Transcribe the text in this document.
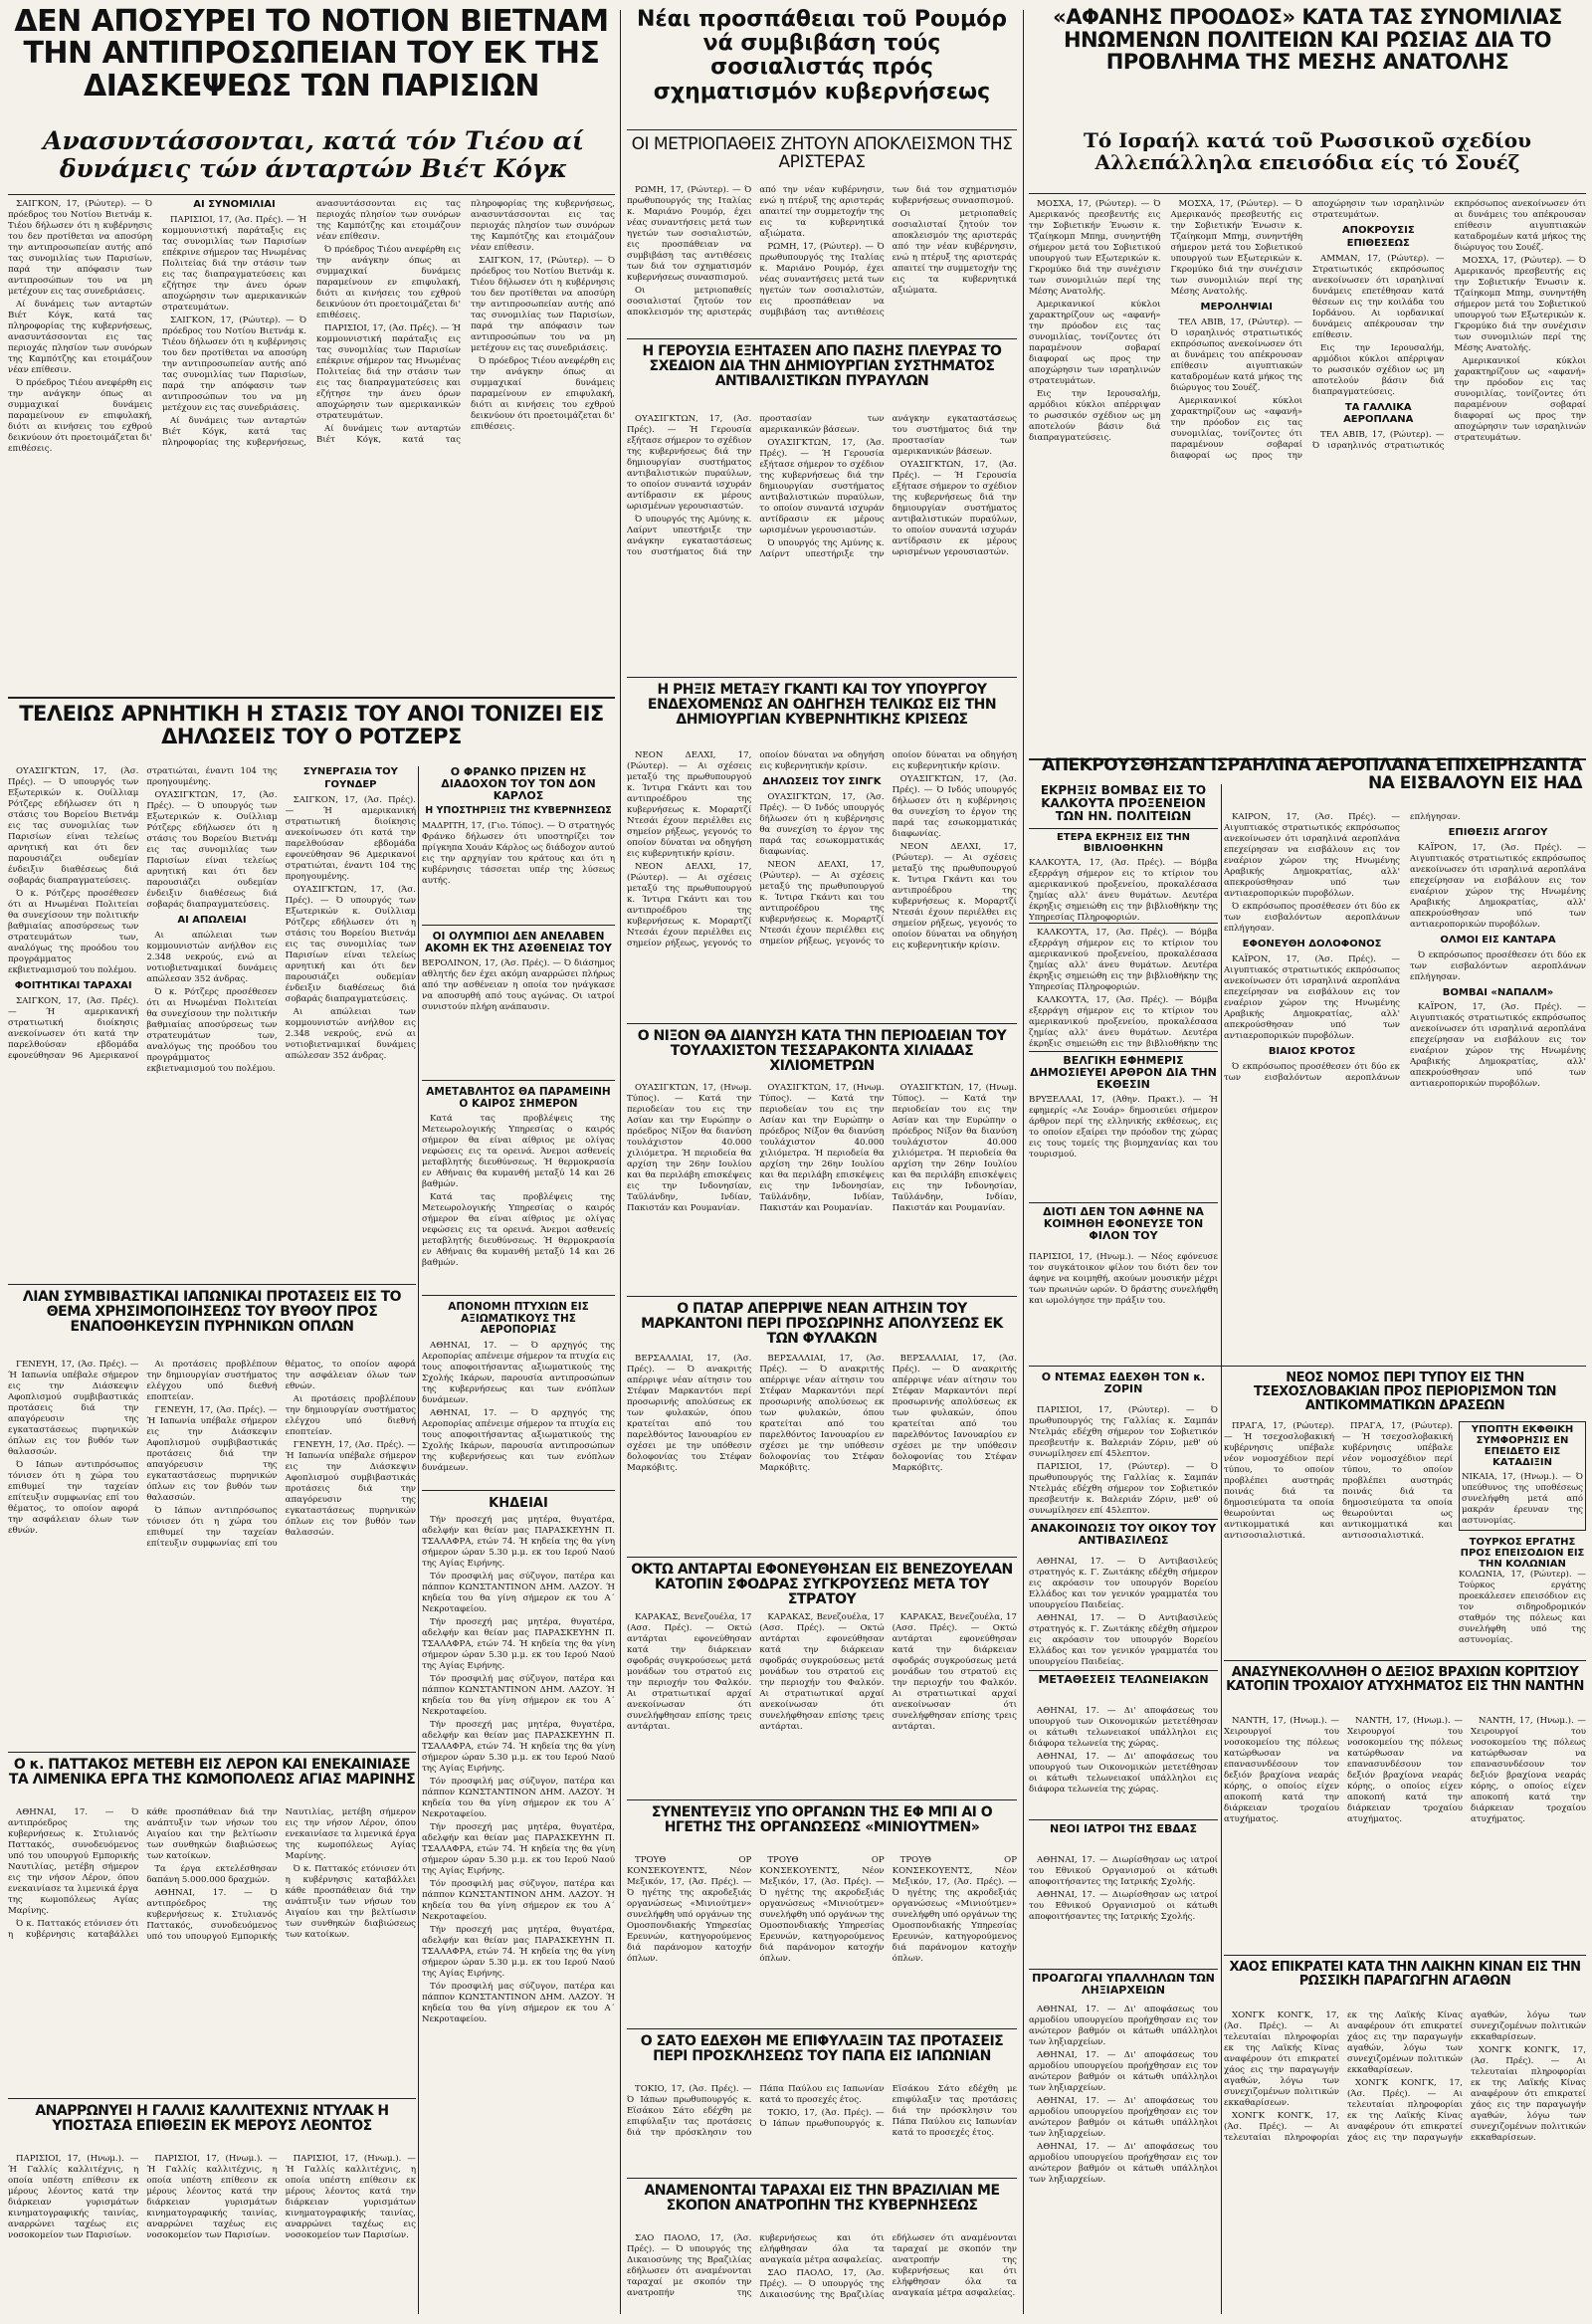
ΔΕΝ ΑΠΟΣΥΡΕΙ ΤΟ ΝΟΤΙΟΝ ΒΙΕΤΝΑΜ ΤΗΝ ΑΝΤΙΠΡΟΣΩΠΕΙΑΝ ΤΟΥ ΕΚ ΤΗΣ ΔΙΑΣΚΕΨΕΩΣ ΤΩΝ ΠΑΡΙΣΙΩΝ
Ανασυντάσσονται, κατά τόν Τιέου αί δυνάμεις τών άνταρτών Βιέτ Κόγκ

ΣΑΙΓΚΟΝ, 17, (Ρώυτερ). — Ό πρόεδρος του Νοτίου Βιετνάμ κ. Τιέου δήλωσεν ότι η κυβέρνησις του δεν προτίθεται να αποσύρη την αντιπροσωπείαν αυτής από τας συνομιλίας των Παρισίων, παρά την απόφασιν των αντιπροσώπων του να μη μετέχουν εις τας συνεδριάσεις.

Αί δυνάμεις των ανταρτών Βιέτ Κόγκ, κατά τας πληροφορίας της κυβερνήσεως, ανασυντάσσονται εις τας περιοχάς πλησίον των συνόρων της Καμπότζης και ετοιμάζουν νέαν επίθεσιν.

Ό πρόεδρος Τιέου ανεφέρθη εις την ανάγκην όπως αι συμμαχικαί δυνάμεις παραμείνουν εν επιφυλακή, διότι αι κινήσεις του εχθρού δεικνύουν ότι προετοιμάζεται δι' επιθέσεις.

ΑΙ ΣΥΝΟΜΙΛΙΑΙ

ΠΑΡΙΣΙΟΙ, 17, (Άσ. Πρές). — Ή κομμουνιστική παράταξις εις τας συνομιλίας των Παρισίων επέκρινε σήμερον τας Ηνωμένας Πολιτείας διά την στάσιν των εις τας διαπραγματεύσεις και εζήτησε την άνευ όρων αποχώρησιν των αμερικανικών στρατευμάτων.

ΣΑΙΓΚΟΝ, 17, (Ρώυτερ). — Ό πρόεδρος του Νοτίου Βιετνάμ κ. Τιέου δήλωσεν ότι η κυβέρνησις του δεν προτίθεται να αποσύρη την αντιπροσωπείαν αυτής από τας συνομιλίας των Παρισίων, παρά την απόφασιν των αντιπροσώπων του να μη μετέχουν εις τας συνεδριάσεις.

Αί δυνάμεις των ανταρτών Βιέτ Κόγκ, κατά τας πληροφορίας της κυβερνήσεως, ανασυντάσσονται εις τας περιοχάς πλησίον των συνόρων της Καμπότζης και ετοιμάζουν νέαν επίθεσιν.

Ό πρόεδρος Τιέου ανεφέρθη εις την ανάγκην όπως αι συμμαχικαί δυνάμεις παραμείνουν εν επιφυλακή, διότι αι κινήσεις του εχθρού δεικνύουν ότι προετοιμάζεται δι' επιθέσεις.

ΠΑΡΙΣΙΟΙ, 17, (Άσ. Πρές). — Ή κομμουνιστική παράταξις εις τας συνομιλίας των Παρισίων επέκρινε σήμερον τας Ηνωμένας Πολιτείας διά την στάσιν των εις τας διαπραγματεύσεις και εζήτησε την άνευ όρων αποχώρησιν των αμερικανικών στρατευμάτων.

Αί δυνάμεις των ανταρτών Βιέτ Κόγκ, κατά τας πληροφορίας της κυβερνήσεως, ανασυντάσσονται εις τας περιοχάς πλησίον των συνόρων της Καμπότζης και ετοιμάζουν νέαν επίθεσιν.

ΣΑΙΓΚΟΝ, 17, (Ρώυτερ). — Ό πρόεδρος του Νοτίου Βιετνάμ κ. Τιέου δήλωσεν ότι η κυβέρνησις του δεν προτίθεται να αποσύρη την αντιπροσωπείαν αυτής από τας συνομιλίας των Παρισίων, παρά την απόφασιν των αντιπροσώπων του να μη μετέχουν εις τας συνεδριάσεις.

Ό πρόεδρος Τιέου ανεφέρθη εις την ανάγκην όπως αι συμμαχικαί δυνάμεις παραμείνουν εν επιφυλακή, διότι αι κινήσεις του εχθρού δεικνύουν ότι προετοιμάζεται δι' επιθέσεις.

Νέαι προσπάθειαι τοῦ Ρουμόρ νά συμβιβάση τούς σοσιαλιστάς πρός σχηματισμόν κυβερνήσεως
ΟΙ ΜΕΤΡΙΟΠΑΘΕΙΣ ΖΗΤΟΥΝ ΑΠΟΚΛΕΙΣΜΟΝ ΤΗΣ ΑΡΙΣΤΕΡΑΣ

ΡΩΜΗ, 17, (Ρώυτερ). — Ό πρωθυπουργός της Ιταλίας κ. Μαριάνο Ρουμόρ, έχει νέας συναντήσεις μετά των ηγετών των σοσιαλιστών, εις προσπάθειαν να συμβιβάση τας αντιθέσεις των διά τον σχηματισμόν κυβερνήσεως συνασπισμού.

Οι μετριοπαθείς σοσιαλισταί ζητούν τον αποκλεισμόν της αριστεράς από την νέαν κυβέρνησιν, ενώ η πτέρυξ της αριστεράς απαιτεί την συμμετοχήν της εις τα κυβερνητικά αξιώματα.

ΡΩΜΗ, 17, (Ρώυτερ). — Ό πρωθυπουργός της Ιταλίας κ. Μαριάνο Ρουμόρ, έχει νέας συναντήσεις μετά των ηγετών των σοσιαλιστών, εις προσπάθειαν να συμβιβάση τας αντιθέσεις των διά τον σχηματισμόν κυβερνήσεως συνασπισμού.

Οι μετριοπαθείς σοσιαλισταί ζητούν τον αποκλεισμόν της αριστεράς από την νέαν κυβέρνησιν, ενώ η πτέρυξ της αριστεράς απαιτεί την συμμετοχήν της εις τα κυβερνητικά αξιώματα.

Η ΓΕΡΟΥΣΙΑ ΕΞΗΤΑΣΕΝ ΑΠΟ ΠΑΣΗΣ ΠΛΕΥΡΑΣ ΤΟ ΣΧΕΔΙΟΝ ΔΙΑ ΤΗΝ ΔΗΜΙΟΥΡΓΙΑΝ ΣΥΣΤΗΜΑΤΟΣ ΑΝΤΙΒΑΛΙΣΤΙΚΩΝ ΠΥΡΑΥΛΩΝ

ΟΥΑΣΙΓΚΤΩΝ, 17, (Άσ. Πρές). — Ή Γερουσία εξήτασε σήμερον το σχέδιον της κυβερνήσεως διά την δημιουργίαν συστήματος αντιβαλιστικών πυραύλων, το οποίον συναντά ισχυράν αντίδρασιν εκ μέρους ωρισμένων γερουσιαστών.

Ό υπουργός της Αμύνης κ. Λαίρντ υπεστήριξε την ανάγκην εγκαταστάσεως του συστήματος διά την προστασίαν των αμερικανικών βάσεων.

ΟΥΑΣΙΓΚΤΩΝ, 17, (Άσ. Πρές). — Ή Γερουσία εξήτασε σήμερον το σχέδιον της κυβερνήσεως διά την δημιουργίαν συστήματος αντιβαλιστικών πυραύλων, το οποίον συναντά ισχυράν αντίδρασιν εκ μέρους ωρισμένων γερουσιαστών.

Ό υπουργός της Αμύνης κ. Λαίρντ υπεστήριξε την ανάγκην εγκαταστάσεως του συστήματος διά την προστασίαν των αμερικανικών βάσεων.

ΟΥΑΣΙΓΚΤΩΝ, 17, (Άσ. Πρές). — Ή Γερουσία εξήτασε σήμερον το σχέδιον της κυβερνήσεως διά την δημιουργίαν συστήματος αντιβαλιστικών πυραύλων, το οποίον συναντά ισχυράν αντίδρασιν εκ μέρους ωρισμένων γερουσιαστών.

Η ΡΗΞΙΣ ΜΕΤΑΞΥ ΓΚΑΝΤΙ ΚΑΙ ΤΟΥ ΥΠΟΥΡΓΟΥ ΕΝΔΕΧΟΜΕΝΩΣ ΑΝ ΟΔΗΓΗΣΗ ΤΕΛΙΚΩΣ ΕΙΣ ΤΗΝ ΔΗΜΙΟΥΡΓΙΑΝ ΚΥΒΕΡΝΗΤΙΚΗΣ ΚΡΙΣΕΩΣ

ΝΕΟΝ ΔΕΛΧΙ, 17, (Ρώυτερ). — Αι σχέσεις μεταξύ της πρωθυπουργού κ. Ίντιρα Γκάντι και του αντιπροέδρου της κυβερνήσεως κ. Μοραρτζί Ντεσάι έχουν περιέλθει εις σημείον ρήξεως, γεγονός το οποίον δύναται να οδηγήση εις κυβερνητικήν κρίσιν.

ΝΕΟΝ ΔΕΛΧΙ, 17, (Ρώυτερ). — Αι σχέσεις μεταξύ της πρωθυπουργού κ. Ίντιρα Γκάντι και του αντιπροέδρου της κυβερνήσεως κ. Μοραρτζί Ντεσάι έχουν περιέλθει εις σημείον ρήξεως, γεγονός το οποίον δύναται να οδηγήση εις κυβερνητικήν κρίσιν.

ΔΗΛΩΣΕΙΣ ΤΟΥ ΣΙΝΓΚ

ΟΥΑΣΙΓΚΤΩΝ, 17, (Άσ. Πρές). — Ό Ινδός υπουργός δήλωσεν ότι η κυβέρνησις θα συνεχίση το έργον της παρά τας εσωκομματικάς διαφωνίας.

ΝΕΟΝ ΔΕΛΧΙ, 17, (Ρώυτερ). — Αι σχέσεις μεταξύ της πρωθυπουργού κ. Ίντιρα Γκάντι και του αντιπροέδρου της κυβερνήσεως κ. Μοραρτζί Ντεσάι έχουν περιέλθει εις σημείον ρήξεως, γεγονός το οποίον δύναται να οδηγήση εις κυβερνητικήν κρίσιν.

ΟΥΑΣΙΓΚΤΩΝ, 17, (Άσ. Πρές). — Ό Ινδός υπουργός δήλωσεν ότι η κυβέρνησις θα συνεχίση το έργον της παρά τας εσωκομματικάς διαφωνίας.

ΝΕΟΝ ΔΕΛΧΙ, 17, (Ρώυτερ). — Αι σχέσεις μεταξύ της πρωθυπουργού κ. Ίντιρα Γκάντι και του αντιπροέδρου της κυβερνήσεως κ. Μοραρτζί Ντεσάι έχουν περιέλθει εις σημείον ρήξεως, γεγονός το οποίον δύναται να οδηγήση εις κυβερνητικήν κρίσιν.

ΕΚΡΗΞΙΣ ΒΟΜΒΑΣ ΕΙΣ ΤΟ ΚΑΛΚΟΥΤΑ ΠΡΟΞΕΝΕΙΟΝ ΤΩΝ ΗΝ. ΠΟΛΙΤΕΙΩΝ
ΕΤΕΡΑ ΕΚΡΗΞΙΣ ΕΙΣ ΤΗΝ ΒΙΒΛΙΟΘΗΚΗΝ
ΚΑΛΚΟΥΤΑ, 17, (Άσ. Πρές). — Βόμβα εξερράγη σήμερον εις το κτίριον του αμερικανικού προξενείου, προκαλέσασα ζημίας αλλ' άνευ θυμάτων. Δευτέρα έκρηξις σημειώθη εις την βιβλιοθήκην της Υπηρεσίας Πληροφοριών.
Ο ΝΙΞΟΝ ΘΑ ΔΙΑΝΥΣΗ ΚΑΤΑ ΤΗΝ ΠΕΡΙΟΔΕΙΑΝ ΤΟΥ ΤΟΥΛΑΧΙΣΤΟΝ ΤΕΣΣΑΡΑΚΟΝΤΑ ΧΙΛΙΑΔΑΣ ΧΙΛΙΟΜΕΤΡΩΝ

ΟΥΑΣΙΓΚΤΩΝ, 17, (Ηνωμ. Τύπος). — Κατά την περιοδείαν του εις την Ασίαν και την Ευρώπην ο πρόεδρος Νίξον θα διανύση τουλάχιστον 40.000 χιλιόμετρα. Ή περιοδεία θα αρχίση την 26ην Ιουλίου και θα περιλάβη επισκέψεις εις την Ινδονησίαν, Ταϋλάνδην, Ινδίαν, Πακιστάν και Ρουμανίαν.

ΟΥΑΣΙΓΚΤΩΝ, 17, (Ηνωμ. Τύπος). — Κατά την περιοδείαν του εις την Ασίαν και την Ευρώπην ο πρόεδρος Νίξον θα διανύση τουλάχιστον 40.000 χιλιόμετρα. Ή περιοδεία θα αρχίση την 26ην Ιουλίου και θα περιλάβη επισκέψεις εις την Ινδονησίαν, Ταϋλάνδην, Ινδίαν, Πακιστάν και Ρουμανίαν.

ΟΥΑΣΙΓΚΤΩΝ, 17, (Ηνωμ. Τύπος). — Κατά την περιοδείαν του εις την Ασίαν και την Ευρώπην ο πρόεδρος Νίξον θα διανύση τουλάχιστον 40.000 χιλιόμετρα. Ή περιοδεία θα αρχίση την 26ην Ιουλίου και θα περιλάβη επισκέψεις εις την Ινδονησίαν, Ταϋλάνδην, Ινδίαν, Πακιστάν και Ρουμανίαν.

Ο ΠΑΤΑΡ ΑΠΕΡΡΙΨΕ ΝΕΑΝ ΑΙΤΗΣΙΝ ΤΟΥ ΜΑΡΚΑΝΤΟΝΙ ΠΕΡΙ ΠΡΟΣΩΡΙΝΗΣ ΑΠΟΛΥΣΕΩΣ ΕΚ ΤΩΝ ΦΥΛΑΚΩΝ

ΒΕΡΣΑΛΛΙΑΙ, 17, (Άσ. Πρές). — Ό ανακριτής απέρριψε νέαν αίτησιν του Στέφαν Μαρκαντόνι περί προσωρινής απολύσεως εκ των φυλακών, όπου κρατείται από του παρελθόντος Ιανουαρίου εν σχέσει με την υπόθεσιν δολοφονίας του Στέφαν Μαρκόβιτς.

ΒΕΡΣΑΛΛΙΑΙ, 17, (Άσ. Πρές). — Ό ανακριτής απέρριψε νέαν αίτησιν του Στέφαν Μαρκαντόνι περί προσωρινής απολύσεως εκ των φυλακών, όπου κρατείται από του παρελθόντος Ιανουαρίου εν σχέσει με την υπόθεσιν δολοφονίας του Στέφαν Μαρκόβιτς.

ΒΕΡΣΑΛΛΙΑΙ, 17, (Άσ. Πρές). — Ό ανακριτής απέρριψε νέαν αίτησιν του Στέφαν Μαρκαντόνι περί προσωρινής απολύσεως εκ των φυλακών, όπου κρατείται από του παρελθόντος Ιανουαρίου εν σχέσει με την υπόθεσιν δολοφονίας του Στέφαν Μαρκόβιτς.

ΟΚΤΩ ΑΝΤΑΡΤΑΙ ΕΦΟΝΕΥΘΗΣΑΝ ΕΙΣ ΒΕΝΕΖΟΥΕΛΑΝ ΚΑΤΟΠΙΝ ΣΦΟΔΡΑΣ ΣΥΓΚΡΟΥΣΕΩΣ ΜΕΤΑ ΤΟΥ ΣΤΡΑΤΟΥ

ΚΑΡΑΚΑΣ, Βενεζουέλα, 17 (Ασσ. Πρές). — Οκτώ αντάρται εφονεύθησαν κατά την διάρκειαν σφοδράς συγκρούσεως μετά μονάδων του στρατού εις την περιοχήν του Φαλκόν. Αι στρατιωτικαί αρχαί ανεκοίνωσαν ότι συνελήφθησαν επίσης τρεις αντάρται.

ΚΑΡΑΚΑΣ, Βενεζουέλα, 17 (Ασσ. Πρές). — Οκτώ αντάρται εφονεύθησαν κατά την διάρκειαν σφοδράς συγκρούσεως μετά μονάδων του στρατού εις την περιοχήν του Φαλκόν. Αι στρατιωτικαί αρχαί ανεκοίνωσαν ότι συνελήφθησαν επίσης τρεις αντάρται.

ΚΑΡΑΚΑΣ, Βενεζουέλα, 17 (Ασσ. Πρές). — Οκτώ αντάρται εφονεύθησαν κατά την διάρκειαν σφοδράς συγκρούσεως μετά μονάδων του στρατού εις την περιοχήν του Φαλκόν. Αι στρατιωτικαί αρχαί ανεκοίνωσαν ότι συνελήφθησαν επίσης τρεις αντάρται.

ΣΥΝΕΝΤΕΥΞΙΣ ΥΠΟ ΟΡΓΑΝΩΝ ΤΗΣ ΕΦ ΜΠΙ ΑΙ Ο ΗΓΕΤΗΣ ΤΗΣ ΟΡΓΑΝΩΣΕΩΣ «ΜΙΝΙΟΥΤΜΕΝ»

ΤΡΟΥΘ ΟΡ ΚΟΝΣΕΚΟΥΕΝΤΣ, Νέον Μεξικόν, 17, (Άσ. Πρές). — Ό ηγέτης της ακροδεξιάς οργανώσεως «Μινιούτμεν» συνελήφθη υπό οργάνων της Ομοσπονδιακής Υπηρεσίας Ερευνών, κατηγορούμενος διά παράνομον κατοχήν όπλων.

ΤΡΟΥΘ ΟΡ ΚΟΝΣΕΚΟΥΕΝΤΣ, Νέον Μεξικόν, 17, (Άσ. Πρές). — Ό ηγέτης της ακροδεξιάς οργανώσεως «Μινιούτμεν» συνελήφθη υπό οργάνων της Ομοσπονδιακής Υπηρεσίας Ερευνών, κατηγορούμενος διά παράνομον κατοχήν όπλων.

ΤΡΟΥΘ ΟΡ ΚΟΝΣΕΚΟΥΕΝΤΣ, Νέον Μεξικόν, 17, (Άσ. Πρές). — Ό ηγέτης της ακροδεξιάς οργανώσεως «Μινιούτμεν» συνελήφθη υπό οργάνων της Ομοσπονδιακής Υπηρεσίας Ερευνών, κατηγορούμενος διά παράνομον κατοχήν όπλων.

Ο ΣΑΤΟ ΕΔΕΧΘΗ ΜΕ ΕΠΙΦΥΛΑΞΙΝ ΤΑΣ ΠΡΟΤΑΣΕΙΣ ΠΕΡΙ ΠΡΟΣΚΛΗΣΕΩΣ ΤΟΥ ΠΑΠΑ ΕΙΣ ΙΑΠΩΝΙΑΝ

ΤΟΚΙΟ, 17, (Άσ. Πρές). — Ό Ιάπων πρωθυπουργός κ. Εϊσάκου Σάτο εδέχθη με επιφύλαξιν τας προτάσεις διά την πρόσκλησιν του Πάπα Παύλου εις Ιαπωνίαν κατά το προσεχές έτος.

ΤΟΚΙΟ, 17, (Άσ. Πρές). — Ό Ιάπων πρωθυπουργός κ. Εϊσάκου Σάτο εδέχθη με επιφύλαξιν τας προτάσεις διά την πρόσκλησιν του Πάπα Παύλου εις Ιαπωνίαν κατά το προσεχές έτος.

ΑΝΑΜΕΝΟΝΤΑΙ ΤΑΡΑΧΑΙ ΕΙΣ ΤΗΝ ΒΡΑΖΙΛΙΑΝ ΜΕ ΣΚΟΠΟΝ ΑΝΑΤΡΟΠΗΝ ΤΗΣ ΚΥΒΕΡΝΗΣΕΩΣ

ΣΑΟ ΠΑΟΛΟ, 17, (Άσ. Πρές). — Ό υπουργός της Δικαιοσύνης της Βραζιλίας εδήλωσεν ότι αναμένονται ταραχαί με σκοπόν την ανατροπήν της κυβερνήσεως και ότι ελήφθησαν όλα τα αναγκαία μέτρα ασφαλείας.

ΣΑΟ ΠΑΟΛΟ, 17, (Άσ. Πρές). — Ό υπουργός της Δικαιοσύνης της Βραζιλίας εδήλωσεν ότι αναμένονται ταραχαί με σκοπόν την ανατροπήν της κυβερνήσεως και ότι ελήφθησαν όλα τα αναγκαία μέτρα ασφαλείας.

«ΑΦΑΝΗΣ ΠΡΟΟΔΟΣ» ΚΑΤΑ ΤΑΣ ΣΥΝΟΜΙΛΙΑΣ ΗΝΩΜΕΝΩΝ ΠΟΛΙΤΕΙΩΝ ΚΑΙ ΡΩΣΙΑΣ ΔΙΑ ΤΟ ΠΡΟΒΛΗΜΑ ΤΗΣ ΜΕΣΗΣ ΑΝΑΤΟΛΗΣ
Τό Ισραήλ κατά τοῦ Ρωσσικοῦ σχεδίου Αλλεπάλληλα επεισόδια είς τό Σουέζ

ΜΟΣΧΑ, 17, (Ρώυτερ). — Ό Αμερικανός πρεσβευτής εις την Σοβιετικήν Ένωσιν κ. Τζαίηκομπ Μπημ, συνηντήθη σήμερον μετά του Σοβιετικού υπουργού των Εξωτερικών κ. Γκρομύκο διά την συνέχισιν των συνομιλιών περί της Μέσης Ανατολής.

Αμερικανικοί κύκλοι χαρακτηρίζουν ως «αφανή» την πρόοδον εις τας συνομιλίας, τονίζοντες ότι παραμένουν σοβαραί διαφοραί ως προς την αποχώρησιν των ισραηλινών στρατευμάτων.

Εις την Ιερουσαλήμ, αρμόδιοι κύκλοι απέρριψαν το ρωσσικόν σχέδιον ως μη αποτελούν βάσιν διά διαπραγματεύσεις.

ΜΟΣΧΑ, 17, (Ρώυτερ). — Ό Αμερικανός πρεσβευτής εις την Σοβιετικήν Ένωσιν κ. Τζαίηκομπ Μπημ, συνηντήθη σήμερον μετά του Σοβιετικού υπουργού των Εξωτερικών κ. Γκρομύκο διά την συνέχισιν των συνομιλιών περί της Μέσης Ανατολής.

ΜΕΡΟΛΗΨΙΑΙ

ΤΕΛ ΑΒΙΒ, 17, (Ρώυτερ). — Ό ισραηλινός στρατιωτικός εκπρόσωπος ανεκοίνωσεν ότι αι δυνάμεις του απέκρουσαν επίθεσιν αιγυπτιακών καταδρομέων κατά μήκος της διώρυγος του Σουέζ.

Αμερικανικοί κύκλοι χαρακτηρίζουν ως «αφανή» την πρόοδον εις τας συνομιλίας, τονίζοντες ότι παραμένουν σοβαραί διαφοραί ως προς την αποχώρησιν των ισραηλινών στρατευμάτων.

ΑΠΟΚΡΟΥΣΙΣ ΕΠΙΘΕΣΕΩΣ

ΑΜΜΑΝ, 17, (Ρώυτερ). — Στρατιωτικός εκπρόσωπος ανεκοίνωσεν ότι ισραηλιναί δυνάμεις επετέθησαν κατά θέσεων εις την κοιλάδα του Ιορδάνου. Αι ιορδανικαί δυνάμεις απέκρουσαν την επίθεσιν.

Εις την Ιερουσαλήμ, αρμόδιοι κύκλοι απέρριψαν το ρωσσικόν σχέδιον ως μη αποτελούν βάσιν διά διαπραγματεύσεις.

ΤΑ ΓΑΛΛΙΚΑ ΑΕΡΟΠΛΑΝΑ

ΤΕΛ ΑΒΙΒ, 17, (Ρώυτερ). — Ό ισραηλινός στρατιωτικός εκπρόσωπος ανεκοίνωσεν ότι αι δυνάμεις του απέκρουσαν επίθεσιν αιγυπτιακών καταδρομέων κατά μήκος της διώρυγος του Σουέζ.

ΜΟΣΧΑ, 17, (Ρώυτερ). — Ό Αμερικανός πρεσβευτής εις την Σοβιετικήν Ένωσιν κ. Τζαίηκομπ Μπημ, συνηντήθη σήμερον μετά του Σοβιετικού υπουργού των Εξωτερικών κ. Γκρομύκο διά την συνέχισιν των συνομιλιών περί της Μέσης Ανατολής.

Αμερικανικοί κύκλοι χαρακτηρίζουν ως «αφανή» την πρόοδον εις τας συνομιλίας, τονίζοντες ότι παραμένουν σοβαραί διαφοραί ως προς την αποχώρησιν των ισραηλινών στρατευμάτων.

ΑΠΕΚΡΟΥΣΘΗΣΑΝ ΙΣΡΑΗΛΙΝΑ ΑΕΡΟΠΛΑΝΑ ΕΠΙΧΕΙΡΗΣΑΝΤΑ ΝΑ ΕΙΣΒΑΛΟΥΝ ΕΙΣ ΗΑΔ

ΚΑΪΡΟΝ, 17, (Άσ. Πρές). — Αιγυπτιακός στρατιωτικός εκπρόσωπος ανεκοίνωσεν ότι ισραηλινά αεροπλάνα επεχείρησαν να εισβάλουν εις τον εναέριον χώρον της Ηνωμένης Αραβικής Δημοκρατίας, αλλ' απεκρούσθησαν υπό των αντιαεροπορικών πυροβόλων.

Ό εκπρόσωπος προσέθεσεν ότι δύο εκ των εισβαλόντων αεροπλάνων επλήγησαν.

ΕΦΟΝΕΥΘΗ ΔΟΛΟΦΟΝΟΣ

ΚΑΪΡΟΝ, 17, (Άσ. Πρές). — Αιγυπτιακός στρατιωτικός εκπρόσωπος ανεκοίνωσεν ότι ισραηλινά αεροπλάνα επεχείρησαν να εισβάλουν εις τον εναέριον χώρον της Ηνωμένης Αραβικής Δημοκρατίας, αλλ' απεκρούσθησαν υπό των αντιαεροπορικών πυροβόλων.

ΒΙΑΙΟΣ ΚΡΟΤΟΣ

Ό εκπρόσωπος προσέθεσεν ότι δύο εκ των εισβαλόντων αεροπλάνων επλήγησαν.

ΕΠΙΘΕΣΙΣ ΑΓΩΓΟΥ

ΚΑΪΡΟΝ, 17, (Άσ. Πρές). — Αιγυπτιακός στρατιωτικός εκπρόσωπος ανεκοίνωσεν ότι ισραηλινά αεροπλάνα επεχείρησαν να εισβάλουν εις τον εναέριον χώρον της Ηνωμένης Αραβικής Δημοκρατίας, αλλ' απεκρούσθησαν υπό των αντιαεροπορικών πυροβόλων.

ΟΛΜΟΙ ΕΙΣ ΚΑΝΤΑΡΑ

Ό εκπρόσωπος προσέθεσεν ότι δύο εκ των εισβαλόντων αεροπλάνων επλήγησαν.

ΒΟΜΒΑΙ «ΝΑΠΑΛΜ»

ΚΑΪΡΟΝ, 17, (Άσ. Πρές). — Αιγυπτιακός στρατιωτικός εκπρόσωπος ανεκοίνωσεν ότι ισραηλινά αεροπλάνα επεχείρησαν να εισβάλουν εις τον εναέριον χώρον της Ηνωμένης Αραβικής Δημοκρατίας, αλλ' απεκρούσθησαν υπό των αντιαεροπορικών πυροβόλων.

ΚΑΛΚΟΥΤΑ, 17, (Άσ. Πρές). — Βόμβα εξερράγη σήμερον εις το κτίριον του αμερικανικού προξενείου, προκαλέσασα ζημίας αλλ' άνευ θυμάτων. Δευτέρα έκρηξις σημειώθη εις την βιβλιοθήκην της Υπηρεσίας Πληροφοριών.

ΚΑΛΚΟΥΤΑ, 17, (Άσ. Πρές). — Βόμβα εξερράγη σήμερον εις το κτίριον του αμερικανικού προξενείου, προκαλέσασα ζημίας αλλ' άνευ θυμάτων. Δευτέρα έκρηξις σημειώθη εις την βιβλιοθήκην της

ΒΕΛΓΙΚΗ ΕΦΗΜΕΡΙΣ ΔΗΜΟΣΙΕΥΕΙ ΑΡΘΡΟΝ ΔΙΑ ΤΗΝ ΕΚΘΕΣΙΝ
ΒΡΥΞΕΛΛΑΙ, 17, (Άθην. Πρακτ.). — Ή εφημερίς «Λε Σουάρ» δημοσιεύει σήμερον άρθρον περί της ελληνικής εκθέσεως, εις το οποίον εξαίρει την πρόοδον της χώρας εις τους τομείς της βιομηχανίας και του τουρισμού.
ΔΙΟΤΙ ΔΕΝ ΤΟΝ ΑΦΗΝΕ ΝΑ ΚΟΙΜΗΘΗ ΕΦΟΝΕΥΣΕ ΤΟΝ ΦΙΛΟΝ ΤΟΥ
ΠΑΡΙΣΙΟΙ, 17, (Ηνωμ.). — Νέος εφόνευσε τον συγκάτοικον φίλον του διότι δεν τον άφηνε να κοιμηθή, ακούων μουσικήν μέχρι των πρωινών ωρών. Ό δράστης συνελήφθη και ωμολόγησε την πράξιν του.
Ο ΝΤΕΜΑΣ ΕΔΕΧΘΗ ΤΟΝ κ. ΖΟΡΙΝ

ΠΑΡΙΣΙΟΙ, 17, (Ρώυτερ). — Ό πρωθυπουργός της Γαλλίας κ. Σαμπάν Ντελμάς εδέχθη σήμερον τον Σοβιετικόν πρεσβευτήν κ. Βαλεριάν Ζόριν, μεθ' ού συνωμίλησεν επί 45λεπτον.

ΠΑΡΙΣΙΟΙ, 17, (Ρώυτερ). — Ό πρωθυπουργός της Γαλλίας κ. Σαμπάν Ντελμάς εδέχθη σήμερον τον Σοβιετικόν πρεσβευτήν κ. Βαλεριάν Ζόριν, μεθ' ού συνωμίλησεν επί 45λεπτον.

ΑΝΑΚΟΙΝΩΣΙΣ ΤΟΥ ΟΙΚΟΥ ΤΟΥ ΑΝΤΙΒΑΣΙΛΕΩΣ

ΑΘΗΝΑΙ, 17. — Ό Αντιβασιλεύς στρατηγός κ. Γ. Ζωιτάκης εδέχθη σήμερον εις ακρόασιν τον υπουργόν Βορείου Ελλάδος και τον γενικόν γραμματέα του υπουργείου Παιδείας.

ΑΘΗΝΑΙ, 17. — Ό Αντιβασιλεύς στρατηγός κ. Γ. Ζωιτάκης εδέχθη σήμερον εις ακρόασιν τον υπουργόν Βορείου Ελλάδος και τον γενικόν γραμματέα του υπουργείου Παιδείας.

ΜΕΤΑΘΕΣΕΙΣ ΤΕΛΩΝΕΙΑΚΩΝ

ΑΘΗΝΑΙ, 17. — Δι' αποφάσεως του υπουργού των Οικονομικών μετετέθησαν οι κάτωθι τελωνειακοί υπάλληλοι εις διάφορα τελωνεία της χώρας.

ΑΘΗΝΑΙ, 17. — Δι' αποφάσεως του υπουργού των Οικονομικών μετετέθησαν οι κάτωθι τελωνειακοί υπάλληλοι εις διάφορα τελωνεία της χώρας.

ΝΕΟΙ ΙΑΤΡΟΙ ΤΗΣ ΕΒΔΑΣ

ΑΘΗΝΑΙ, 17. — Διωρίσθησαν ως ιατροί του Εθνικού Οργανισμού οι κάτωθι αποφοιτήσαντες της Ιατρικής Σχολής.

ΑΘΗΝΑΙ, 17. — Διωρίσθησαν ως ιατροί του Εθνικού Οργανισμού οι κάτωθι αποφοιτήσαντες της Ιατρικής Σχολής.

ΠΡΟΑΓΩΓΑΙ ΥΠΑΛΛΗΛΩΝ ΤΩΝ ΛΗΞΙΑΡΧΕΙΩΝ

ΑΘΗΝΑΙ, 17. — Δι' αποφάσεως του αρμοδίου υπουργείου προήχθησαν εις τον ανώτερον βαθμόν οι κάτωθι υπάλληλοι των ληξιαρχείων.

ΑΘΗΝΑΙ, 17. — Δι' αποφάσεως του αρμοδίου υπουργείου προήχθησαν εις τον ανώτερον βαθμόν οι κάτωθι υπάλληλοι των ληξιαρχείων.

ΑΘΗΝΑΙ, 17. — Δι' αποφάσεως του αρμοδίου υπουργείου προήχθησαν εις τον ανώτερον βαθμόν οι κάτωθι υπάλληλοι των ληξιαρχείων.

ΑΘΗΝΑΙ, 17. — Δι' αποφάσεως του αρμοδίου υπουργείου προήχθησαν εις τον ανώτερον βαθμόν οι κάτωθι υπάλληλοι των ληξιαρχείων.

ΝΕΟΣ ΝΟΜΟΣ ΠΕΡΙ ΤΥΠΟΥ ΕΙΣ ΤΗΝ ΤΣΕΧΟΣΛΟΒΑΚΙΑΝ ΠΡΟΣ ΠΕΡΙΟΡΙΣΜΟΝ ΤΩΝ ΑΝΤΙΚΟΜΜΑΤΙΚΩΝ ΔΡΑΣΕΩΝ

ΠΡΑΓΑ, 17, (Ρώυτερ). — Ή τσεχοσλοβακική κυβέρνησις υπέβαλε νέον νομοσχέδιον περί τύπου, το οποίον προβλέπει αυστηράς ποινάς διά τα δημοσιεύματα τα οποία θεωρούνται ως αντικομματικά και αντισοσιαλιστικά.

ΠΡΑΓΑ, 17, (Ρώυτερ). — Ή τσεχοσλοβακική κυβέρνησις υπέβαλε νέον νομοσχέδιον περί τύπου, το οποίον προβλέπει αυστηράς ποινάς διά τα δημοσιεύματα τα οποία θεωρούνται ως αντικομματικά και αντισοσιαλιστικά.

ΥΠΟΠΤΗ ΕΚΦΘΙΚΗ ΣΥΜΦΟΡΗΣΙΣ ΕΝ ΕΠΕΙΔΕΤΟ ΕΙΣ ΚΑΤΑΔΙΞΙΝ
ΝΙΚΑΙΑ, 17, (Ηνωμ.). — Ό υπεύθυνος της υποθέσεως συνελήφθη μετά από μακράν έρευναν της αστυνομίας.
ΤΟΥΡΚΟΣ ΕΡΓΑΤΗΣ ΠΡΟΣ ΕΠΕΙΣΟΔΙΟΝ ΕΙΣ ΤΗΝ ΚΟΛΩΝΙΑΝ
ΚΟΛΩΝΙΑ, 17, (Ρώυτερ). — Τούρκος εργάτης προεκάλεσεν επεισόδιον εις τον σιδηροδρομικόν σταθμόν της πόλεως και συνελήφθη υπό της αστυνομίας.
ΑΝΑΣΥΝΕΚΟΛΛΗΘΗ Ο ΔΕΞΙΟΣ ΒΡΑΧΙΩΝ ΚΟΡΙΤΣΙΟΥ ΚΑΤΟΠΙΝ ΤΡΟΧΑΙΟΥ ΑΤΥΧΗΜΑΤΟΣ ΕΙΣ ΤΗΝ ΝΑΝΤΗΝ

ΝΑΝΤΗ, 17, (Ηνωμ.). — Χειρουργοί του νοσοκομείου της πόλεως κατώρθωσαν να επανασυνδέσουν τον δεξιόν βραχίονα νεαράς κόρης, ο οποίος είχεν αποκοπή κατά την διάρκειαν τροχαίου ατυχήματος.

ΝΑΝΤΗ, 17, (Ηνωμ.). — Χειρουργοί του νοσοκομείου της πόλεως κατώρθωσαν να επανασυνδέσουν τον δεξιόν βραχίονα νεαράς κόρης, ο οποίος είχεν αποκοπή κατά την διάρκειαν τροχαίου ατυχήματος.

ΝΑΝΤΗ, 17, (Ηνωμ.). — Χειρουργοί του νοσοκομείου της πόλεως κατώρθωσαν να επανασυνδέσουν τον δεξιόν βραχίονα νεαράς κόρης, ο οποίος είχεν αποκοπή κατά την διάρκειαν τροχαίου ατυχήματος.

ΧΑΟΣ ΕΠΙΚΡΑΤΕΙ ΚΑΤΑ ΤΗΝ ΛΑΪΚΗΝ ΚΙΝΑΝ ΕΙΣ ΤΗΝ ΡΩΣΣΙΚΗ ΠΑΡΑΓΩΓΗΝ ΑΓΑΘΩΝ

ΧΟΝΓΚ ΚΟΝΓΚ, 17, (Άσ. Πρές). — Αι τελευταίαι πληροφορίαι εκ της Λαϊκής Κίνας αναφέρουν ότι επικρατεί χάος εις την παραγωγήν αγαθών, λόγω των συνεχιζομένων πολιτικών εκκαθαρίσεων.

ΧΟΝΓΚ ΚΟΝΓΚ, 17, (Άσ. Πρές). — Αι τελευταίαι πληροφορίαι εκ της Λαϊκής Κίνας αναφέρουν ότι επικρατεί χάος εις την παραγωγήν αγαθών, λόγω των συνεχιζομένων πολιτικών εκκαθαρίσεων.

ΧΟΝΓΚ ΚΟΝΓΚ, 17, (Άσ. Πρές). — Αι τελευταίαι πληροφορίαι εκ της Λαϊκής Κίνας αναφέρουν ότι επικρατεί χάος εις την παραγωγήν αγαθών, λόγω των συνεχιζομένων πολιτικών εκκαθαρίσεων.

ΧΟΝΓΚ ΚΟΝΓΚ, 17, (Άσ. Πρές). — Αι τελευταίαι πληροφορίαι εκ της Λαϊκής Κίνας αναφέρουν ότι επικρατεί χάος εις την παραγωγήν αγαθών, λόγω των συνεχιζομένων πολιτικών εκκαθαρίσεων.

ΤΕΛΕΙΩΣ ΑΡΝΗΤΙΚΗ Η ΣΤΑΣΙΣ ΤΟΥ ΑΝΟΙ ΤΟΝΙΖΕΙ ΕΙΣ ΔΗΛΩΣΕΙΣ ΤΟΥ Ο ΡΟΤΖΕΡΣ

ΟΥΑΣΙΓΚΤΩΝ, 17, (Άσ. Πρές). — Ό υπουργός των Εξωτερικών κ. Ουίλλιαμ Ρότζερς εδήλωσεν ότι η στάσις του Βορείου Βιετνάμ εις τας συνομιλίας των Παρισίων είναι τελείως αρνητική και ότι δεν παρουσιάζει ουδεμίαν ένδειξιν διαθέσεως διά σοβαράς διαπραγματεύσεις.

Ό κ. Ρότζερς προσέθεσεν ότι αι Ηνωμέναι Πολιτείαι θα συνεχίσουν την πολιτικήν βαθμιαίας αποσύρσεως των στρατευμάτων των, αναλόγως της προόδου του προγράμματος εκβιετναμισμού του πολέμου.

ΦΟΙΤΗΤΙΚΑΙ ΤΑΡΑΧΑΙ

ΣΑΙΓΚΟΝ, 17, (Άσ. Πρές). — Ή αμερικανική στρατιωτική διοίκησις ανεκοίνωσεν ότι κατά την παρελθούσαν εβδομάδα εφονεύθησαν 96 Αμερικανοί στρατιώται, έναντι 104 της προηγουμένης.

ΟΥΑΣΙΓΚΤΩΝ, 17, (Άσ. Πρές). — Ό υπουργός των Εξωτερικών κ. Ουίλλιαμ Ρότζερς εδήλωσεν ότι η στάσις του Βορείου Βιετνάμ εις τας συνομιλίας των Παρισίων είναι τελείως αρνητική και ότι δεν παρουσιάζει ουδεμίαν ένδειξιν διαθέσεως διά σοβαράς διαπραγματεύσεις.

ΑΙ ΑΠΩΛΕΙΑΙ

Αι απώλειαι των κομμουνιστών ανήλθον εις 2.348 νεκρούς, ενώ αι νοτιοβιετναμικαί δυνάμεις απώλεσαν 352 άνδρας.

Ό κ. Ρότζερς προσέθεσεν ότι αι Ηνωμέναι Πολιτείαι θα συνεχίσουν την πολιτικήν βαθμιαίας αποσύρσεως των στρατευμάτων των, αναλόγως της προόδου του προγράμματος εκβιετναμισμού του πολέμου.

ΣΥΝΕΡΓΑΣΙΑ ΤΟΥ ΓΟΥΝΔΕΡ

ΣΑΙΓΚΟΝ, 17, (Άσ. Πρές). — Ή αμερικανική στρατιωτική διοίκησις ανεκοίνωσεν ότι κατά την παρελθούσαν εβδομάδα εφονεύθησαν 96 Αμερικανοί στρατιώται, έναντι 104 της προηγουμένης.

ΟΥΑΣΙΓΚΤΩΝ, 17, (Άσ. Πρές). — Ό υπουργός των Εξωτερικών κ. Ουίλλιαμ Ρότζερς εδήλωσεν ότι η στάσις του Βορείου Βιετνάμ εις τας συνομιλίας των Παρισίων είναι τελείως αρνητική και ότι δεν παρουσιάζει ουδεμίαν ένδειξιν διαθέσεως διά σοβαράς διαπραγματεύσεις.

Αι απώλειαι των κομμουνιστών ανήλθον εις 2.348 νεκρούς, ενώ αι νοτιοβιετναμικαί δυνάμεις απώλεσαν 352 άνδρας.

Ο ΦΡΑΝΚΟ ΠΡΙΖΕΝ ΗΣ ΔΙΑΔΟΧΟΝ ΤΟΥ ΤΟΝ ΔΟΝ ΚΑΡΛΟΣ
Η ΥΠΟΣΤΗΡΙΞΙΣ ΤΗΣ ΚΥΒΕΡΝΗΣΕΩΣ
ΜΑΔΡΙΤΗ, 17, (Γιο. Τόπος). — Ό στρατηγός Φράνκο δήλωσεν ότι υποστηρίζει τον πρίγκηπα Χουάν Κάρλος ως διάδοχον αυτού εις την αρχηγίαν του κράτους και ότι η κυβέρνησις τάσσεται υπέρ της λύσεως αυτής.
ΟΙ ΟΛΥΜΠΙΟΙ ΔΕΝ ΑΝΕΛΑΒΕΝ ΑΚΟΜΗ ΕΚ ΤΗΣ ΑΣΘΕΝΕΙΑΣ ΤΟΥ
ΒΕΡΟΛΙΝΟΝ, 17, (Άσ. Πρές). — Ό διάσημος αθλητής δεν έχει ακόμη αναρρώσει πλήρως από την ασθένειαν η οποία τον ηνάγκασε να αποσυρθή από τους αγώνας. Οι ιατροί συνιστούν πλήρη ανάπαυσιν.
ΑΜΕΤΑΒΛΗΤΟΣ ΘΑ ΠΑΡΑΜΕΙΝΗ Ο ΚΑΙΡΟΣ ΣΗΜΕΡΟΝ

Κατά τας προβλέψεις της Μετεωρολογικής Υπηρεσίας ο καιρός σήμερον θα είναι αίθριος με ολίγας νεφώσεις εις τα ορεινά. Άνεμοι ασθενείς μεταβλητής διευθύνσεως. Ή θερμοκρασία εν Αθήναις θα κυμανθή μεταξύ 14 και 26 βαθμών.

Κατά τας προβλέψεις της Μετεωρολογικής Υπηρεσίας ο καιρός σήμερον θα είναι αίθριος με ολίγας νεφώσεις εις τα ορεινά. Άνεμοι ασθενείς μεταβλητής διευθύνσεως. Ή θερμοκρασία εν Αθήναις θα κυμανθή μεταξύ 14 και 26 βαθμών.

ΑΠΟΝΟΜΗ ΠΤΥΧΙΩΝ ΕΙΣ ΑΞΙΩΜΑΤΙΚΟΥΣ ΤΗΣ ΑΕΡΟΠΟΡΙΑΣ

ΑΘΗΝΑΙ, 17. — Ό αρχηγός της Αεροπορίας απένειμε σήμερον τα πτυχία εις τους αποφοιτήσαντας αξιωματικούς της Σχολής Ικάρων, παρουσία αντιπροσώπων της κυβερνήσεως και των ενόπλων δυνάμεων.

ΑΘΗΝΑΙ, 17. — Ό αρχηγός της Αεροπορίας απένειμε σήμερον τα πτυχία εις τους αποφοιτήσαντας αξιωματικούς της Σχολής Ικάρων, παρουσία αντιπροσώπων της κυβερνήσεως και των ενόπλων δυνάμεων.

ΚΗΔΕΙΑΙ

Τήν προσεχή μας μητέρα, θυγατέρα, αδελφήν και θείαν μας ΠΑΡΑΣΚΕΥΗΝ Π. ΤΣΑΛΑΦΡΑ, ετών 74. Ή κηδεία της θα γίνη σήμερον ώραν 5.30 μ.μ. εκ του Ιερού Ναού της Αγίας Ειρήνης.

Τόν προσφιλή μας σύζυγον, πατέρα και πάππον ΚΩΝΣΤΑΝΤΙΝΟΝ ΔΗΜ. ΛΑΖΟΥ. Ή κηδεία του θα γίνη σήμερον εκ του Α΄ Νεκροταφείου.

Τήν προσεχή μας μητέρα, θυγατέρα, αδελφήν και θείαν μας ΠΑΡΑΣΚΕΥΗΝ Π. ΤΣΑΛΑΦΡΑ, ετών 74. Ή κηδεία της θα γίνη σήμερον ώραν 5.30 μ.μ. εκ του Ιερού Ναού της Αγίας Ειρήνης.

Τόν προσφιλή μας σύζυγον, πατέρα και πάππον ΚΩΝΣΤΑΝΤΙΝΟΝ ΔΗΜ. ΛΑΖΟΥ. Ή κηδεία του θα γίνη σήμερον εκ του Α΄ Νεκροταφείου.

Τήν προσεχή μας μητέρα, θυγατέρα, αδελφήν και θείαν μας ΠΑΡΑΣΚΕΥΗΝ Π. ΤΣΑΛΑΦΡΑ, ετών 74. Ή κηδεία της θα γίνη σήμερον ώραν 5.30 μ.μ. εκ του Ιερού Ναού της Αγίας Ειρήνης.

Τόν προσφιλή μας σύζυγον, πατέρα και πάππον ΚΩΝΣΤΑΝΤΙΝΟΝ ΔΗΜ. ΛΑΖΟΥ. Ή κηδεία του θα γίνη σήμερον εκ του Α΄ Νεκροταφείου.

Τήν προσεχή μας μητέρα, θυγατέρα, αδελφήν και θείαν μας ΠΑΡΑΣΚΕΥΗΝ Π. ΤΣΑΛΑΦΡΑ, ετών 74. Ή κηδεία της θα γίνη σήμερον ώραν 5.30 μ.μ. εκ του Ιερού Ναού της Αγίας Ειρήνης.

Τόν προσφιλή μας σύζυγον, πατέρα και πάππον ΚΩΝΣΤΑΝΤΙΝΟΝ ΔΗΜ. ΛΑΖΟΥ. Ή κηδεία του θα γίνη σήμερον εκ του Α΄ Νεκροταφείου.

Τήν προσεχή μας μητέρα, θυγατέρα, αδελφήν και θείαν μας ΠΑΡΑΣΚΕΥΗΝ Π. ΤΣΑΛΑΦΡΑ, ετών 74. Ή κηδεία της θα γίνη σήμερον ώραν 5.30 μ.μ. εκ του Ιερού Ναού της Αγίας Ειρήνης.

Τόν προσφιλή μας σύζυγον, πατέρα και πάππον ΚΩΝΣΤΑΝΤΙΝΟΝ ΔΗΜ. ΛΑΖΟΥ. Ή κηδεία του θα γίνη σήμερον εκ του Α΄ Νεκροταφείου.

ΛΙΑΝ ΣΥΜΒΙΒΑΣΤΙΚΑΙ ΙΑΠΩΝΙΚΑΙ ΠΡΟΤΑΣΕΙΣ ΕΙΣ ΤΟ ΘΕΜΑ ΧΡΗΣΙΜΟΠΟΙΗΣΕΩΣ ΤΟΥ ΒΥΘΟΥ ΠΡΟΣ ΕΝΑΠΟΘΗΚΕΥΣΙΝ ΠΥΡΗΝΙΚΩΝ ΟΠΛΩΝ

ΓΕΝΕΥΗ, 17, (Άσ. Πρές). — Ή Ιαπωνία υπέβαλε σήμερον εις την Διάσκεψιν Αφοπλισμού συμβιβαστικάς προτάσεις διά την απαγόρευσιν της εγκαταστάσεως πυρηνικών όπλων εις τον βυθόν των θαλασσών.

Ό Ιάπων αντιπρόσωπος τόνισεν ότι η χώρα του επιθυμεί την ταχείαν επίτευξιν συμφωνίας επί του θέματος, το οποίον αφορά την ασφάλειαν όλων των εθνών.

Αι προτάσεις προβλέπουν την δημιουργίαν συστήματος ελέγχου υπό διεθνή εποπτείαν.

ΓΕΝΕΥΗ, 17, (Άσ. Πρές). — Ή Ιαπωνία υπέβαλε σήμερον εις την Διάσκεψιν Αφοπλισμού συμβιβαστικάς προτάσεις διά την απαγόρευσιν της εγκαταστάσεως πυρηνικών όπλων εις τον βυθόν των θαλασσών.

Ό Ιάπων αντιπρόσωπος τόνισεν ότι η χώρα του επιθυμεί την ταχείαν επίτευξιν συμφωνίας επί του θέματος, το οποίον αφορά την ασφάλειαν όλων των εθνών.

Αι προτάσεις προβλέπουν την δημιουργίαν συστήματος ελέγχου υπό διεθνή εποπτείαν.

ΓΕΝΕΥΗ, 17, (Άσ. Πρές). — Ή Ιαπωνία υπέβαλε σήμερον εις την Διάσκεψιν Αφοπλισμού συμβιβαστικάς προτάσεις διά την απαγόρευσιν της εγκαταστάσεως πυρηνικών όπλων εις τον βυθόν των θαλασσών.

Ο κ. ΠΑΤΤΑΚΟΣ ΜΕΤΕΒΗ ΕΙΣ ΛΕΡΟΝ ΚΑΙ ΕΝΕΚΑΙΝΙΑΣΕ ΤΑ ΛΙΜΕΝΙΚΑ ΕΡΓΑ ΤΗΣ ΚΩΜΟΠΟΛΕΩΣ ΑΓΙΑΣ ΜΑΡΙΝΗΣ

ΑΘΗΝΑΙ, 17. — Ό αντιπρόεδρος της κυβερνήσεως κ. Στυλιανός Παττακός, συνοδευόμενος υπό του υπουργού Εμπορικής Ναυτιλίας, μετέβη σήμερον εις την νήσον Λέρον, όπου ενεκαινίασε τα λιμενικά έργα της κωμοπόλεως Αγίας Μαρίνης.

Ό κ. Παττακός ετόνισεν ότι η κυβέρνησις καταβάλλει κάθε προσπάθειαν διά την ανάπτυξιν των νήσων του Αιγαίου και την βελτίωσιν των συνθηκών διαβιώσεως των κατοίκων.

Τα έργα εκτελέσθησαν δαπάνη 5.000.000 δραχμών.

ΑΘΗΝΑΙ, 17. — Ό αντιπρόεδρος της κυβερνήσεως κ. Στυλιανός Παττακός, συνοδευόμενος υπό του υπουργού Εμπορικής Ναυτιλίας, μετέβη σήμερον εις την νήσον Λέρον, όπου ενεκαινίασε τα λιμενικά έργα της κωμοπόλεως Αγίας Μαρίνης.

Ό κ. Παττακός ετόνισεν ότι η κυβέρνησις καταβάλλει κάθε προσπάθειαν διά την ανάπτυξιν των νήσων του Αιγαίου και την βελτίωσιν των συνθηκών διαβιώσεως των κατοίκων.

ΑΝΑΡΡΩΝΥΕΙ Η ΓΑΛΛΙΣ ΚΑΛΛΙΤΕΧΝΙΣ ΝΤΥΛΑΚ Η ΥΠΟΣΤΑΣΑ ΕΠΙΘΕΣΙΝ ΕΚ ΜΕΡΟΥΣ ΛΕΟΝΤΟΣ

ΠΑΡΙΣΙΟΙ, 17, (Ηνωμ.). — Ή Γαλλίς καλλιτέχνις, η οποία υπέστη επίθεσιν εκ μέρους λέοντος κατά την διάρκειαν γυρισμάτων κινηματογραφικής ταινίας, αναρρώνει ταχέως εις νοσοκομείον των Παρισίων.

ΠΑΡΙΣΙΟΙ, 17, (Ηνωμ.). — Ή Γαλλίς καλλιτέχνις, η οποία υπέστη επίθεσιν εκ μέρους λέοντος κατά την διάρκειαν γυρισμάτων κινηματογραφικής ταινίας, αναρρώνει ταχέως εις νοσοκομείον των Παρισίων.

ΠΑΡΙΣΙΟΙ, 17, (Ηνωμ.). — Ή Γαλλίς καλλιτέχνις, η οποία υπέστη επίθεσιν εκ μέρους λέοντος κατά την διάρκειαν γυρισμάτων κινηματογραφικής ταινίας, αναρρώνει ταχέως εις νοσοκομείον των Παρισίων.
